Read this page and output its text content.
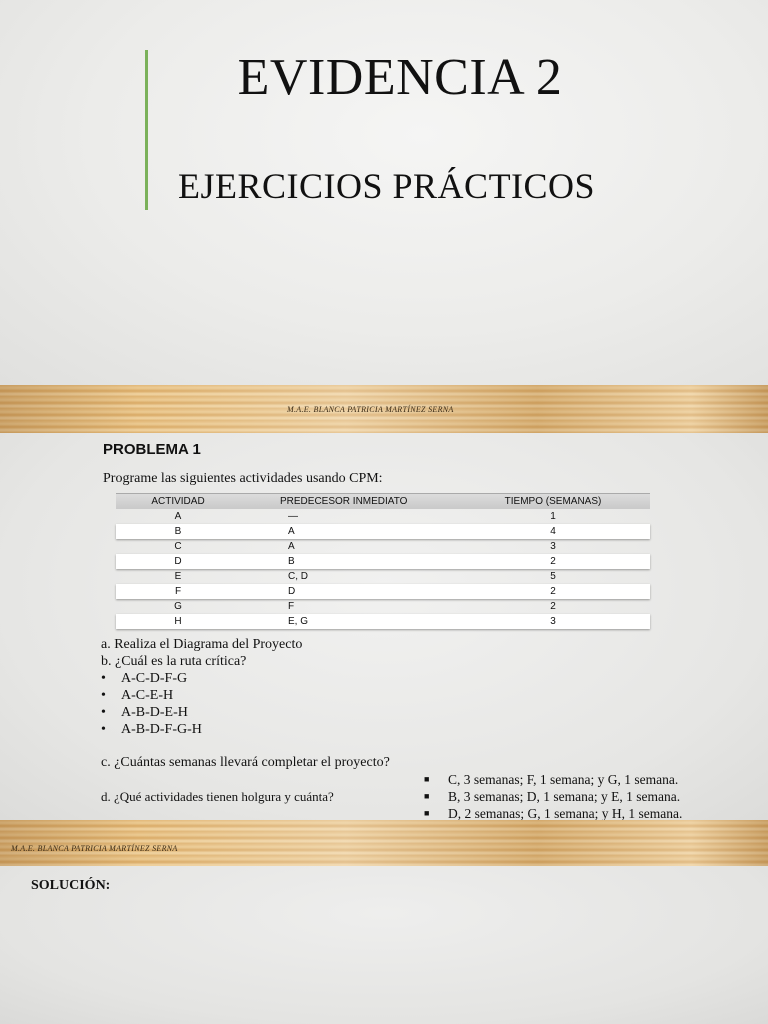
EVIDENCIA 2
EJERCICIOS PRÁCTICOS
M.A.E. BLANCA PATRICIA MARTÍNEZ SERNA
PROBLEMA 1
Programe las siguientes actividades usando CPM:
ACTIVIDAD	PREDECESOR INMEDIATO	TIEMPO (SEMANAS)
A	—	1
B	A	4
C	A	3
D	B	2
E	C, D	5
F	D	2
G	F	2
H	E, G	3
a. Realiza el Diagrama del Proyecto
b. ¿Cuál es la ruta crítica?
• A-C-D-F-G
• A-C-E-H
• A-B-D-E-H
• A-B-D-F-G-H
c. ¿Cuántas semanas llevará completar el proyecto?
d. ¿Qué actividades tienen holgura y cuánta?
■ C, 3 semanas; F, 1 semana; y G, 1 semana.
■ B, 3 semanas; D, 1 semana; y E, 1 semana.
■ D, 2 semanas; G, 1 semana; y H, 1 semana.
M.A.E. BLANCA PATRICIA MARTÍNEZ SERNA
SOLUCIÓN:
